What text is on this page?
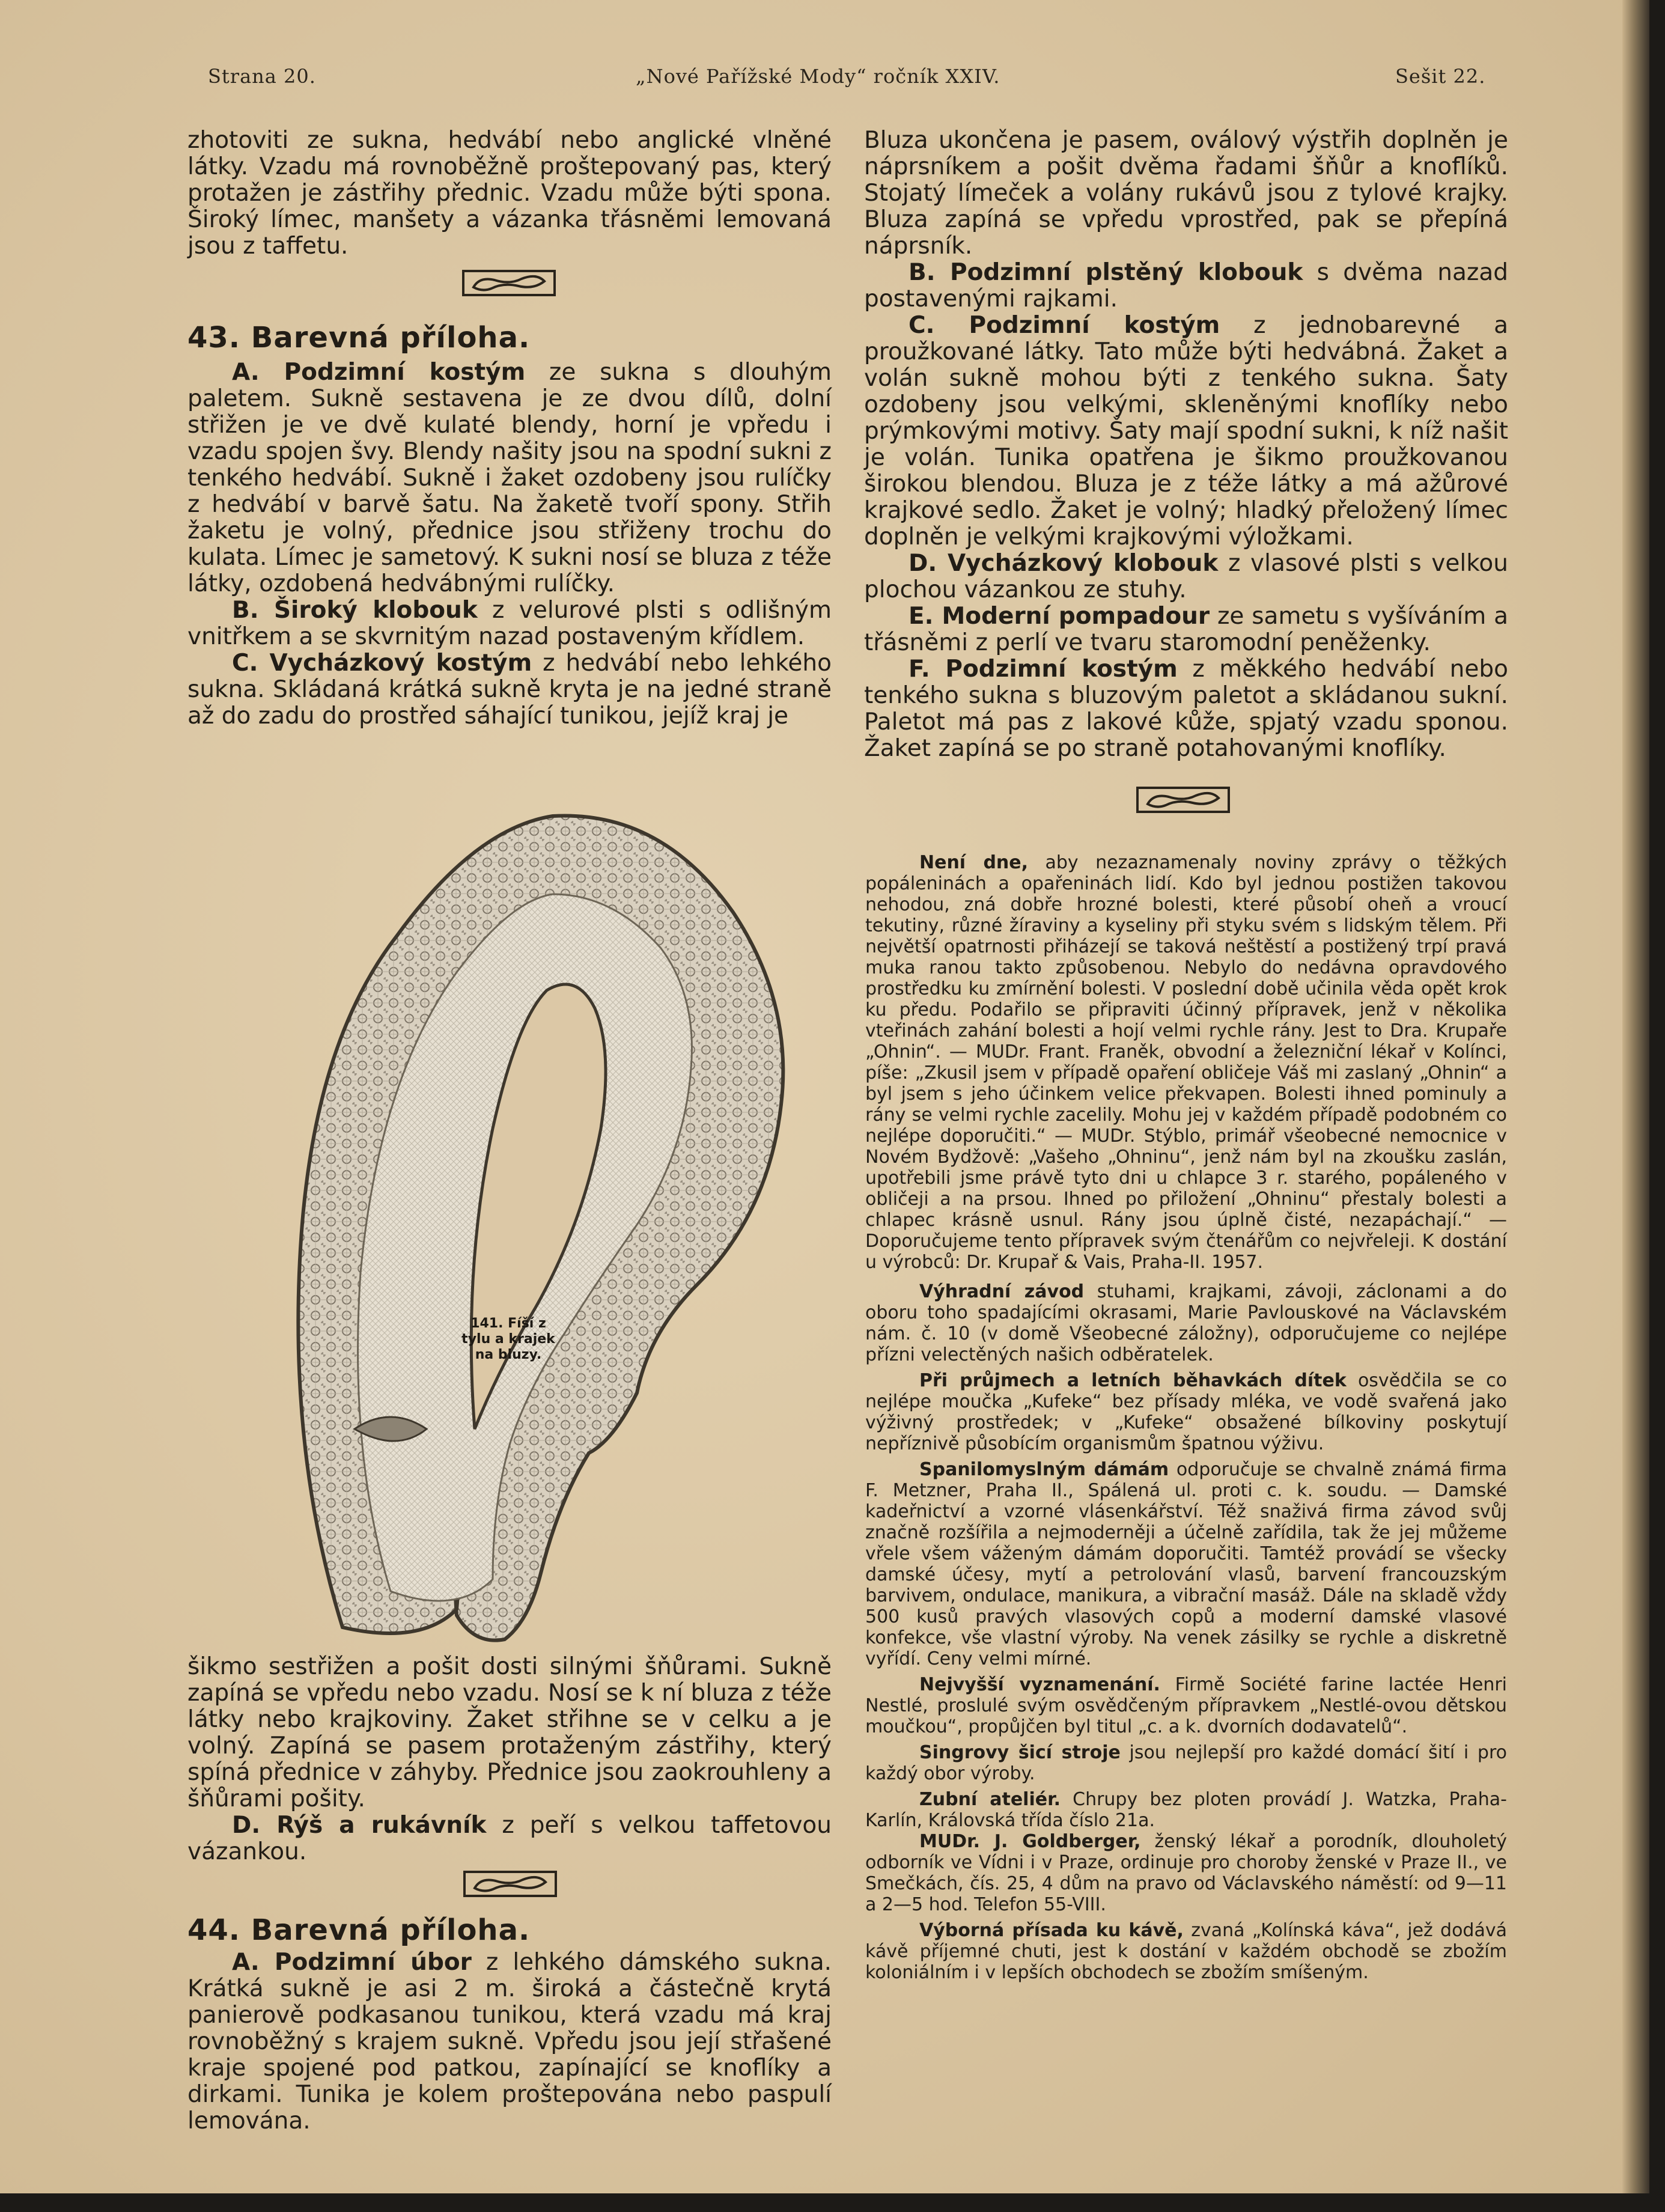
Strana 20.	„Nové Pařížské Mody“ ročník XXIV.	Sešit 22.

zhotoviti ze sukna, hedvábí nebo anglické vlněné látky. Vzadu má rovnoběžně proštepovaný pas, který protažen je zástřihy přednic. Vzadu může býti spona. Široký límec, manšety a vázanka třásněmi lemovaná jsou z taffetu.

43. Barevná příloha.

A. Podzimní kostým ze sukna s dlouhým paletem. Sukně sestavena je ze dvou dílů, dolní střižen je ve dvě kulaté blendy, horní je vpředu i vzadu spojen švy. Blendy našity jsou na spodní sukni z tenkého hedvábí. Sukně i žaket ozdobeny jsou rulíčky z hedvábí v barvě šatu. Na žaketě tvoří spony. Střih žaketu je volný, přednice jsou střiženy trochu do kulata. Límec je sametový. K sukni nosí se bluza z téže látky, ozdobená hedvábnými rulíčky.

B. Široký klobouk z velurové plsti s odlišným vnitřkem a se skvrnitým nazad postaveným křídlem.

C. Vycházkový kostým z hedvábí nebo lehkého sukna. Skládaná krátká sukně kryta je na jedné straně až do zadu do prostřed sáhající tunikou, jejíž kraj je

141. Fíší z tylu a krajek na bluzy.

šikmo sestřižen a pošit dosti silnými šňůrami. Sukně zapíná se vpředu nebo vzadu. Nosí se k ní bluza z téže látky nebo krajkoviny. Žaket střihne se v celku a je volný. Zapíná se pasem protaženým zástřihy, který spíná přednice v záhyby. Přednice jsou zaokrouhleny a šňůrami pošity.

D. Rýš a rukávník z peří s velkou taffetovou vázankou.

44. Barevná příloha.

A. Podzimní úbor z lehkého dámského sukna. Krátká sukně je asi 2 m. široká a částečně krytá panierově podkasanou tunikou, která vzadu má kraj rovnoběžný s krajem sukně. Vpředu jsou její střašené kraje spojené pod patkou, zapínající se knoflíky a dirkami. Tunika je kolem proštepována nebo paspulí lemována.

Bluza ukončena je pasem, oválový výstřih doplněn je náprsníkem a pošit dvěma řadami šňůr a knoflíků. Stojatý límeček a volány rukávů jsou z tylové krajky. Bluza zapíná se vpředu vprostřed, pak se přepíná náprsník.

B. Podzimní plstěný klobouk s dvěma nazad postavenými rajkami.

C. Podzimní kostým z jednobarevné a proužkované látky. Tato může býti hedvábná. Žaket a volán sukně mohou býti z tenkého sukna. Šaty ozdobeny jsou velkými, skleněnými knoflíky nebo prýmkovými motivy. Šaty mají spodní sukni, k níž našit je volán. Tunika opatřena je šikmo proužkovanou širokou blendou. Bluza je z téže látky a má ažůrové krajkové sedlo. Žaket je volný; hladký přeložený límec doplněn je velkými krajkovými výložkami.

D. Vycházkový klobouk z vlasové plsti s velkou plochou vázankou ze stuhy.

E. Moderní pompadour ze sametu s vyšíváním a třásněmi z perlí ve tvaru staromodní peněženky.

F. Podzimní kostým z měkkého hedvábí nebo tenkého sukna s bluzovým paletot a skládanou sukní. Paletot má pas z lakové kůže, spjatý vzadu sponou. Žaket zapíná se po straně potahovanými knoflíky.

Není dne, aby nezaznamenaly noviny zprávy o těžkých popáleninách a opařeninách lidí. Kdo byl jednou postižen takovou nehodou, zná dobře hrozné bolesti, které působí oheň a vroucí tekutiny, různé žíraviny a kyseliny při styku svém s lidským tělem. Při největší opatrnosti přiházejí se taková neštěstí a postižený trpí pravá muka ranou takto způsobenou. Nebylo do nedávna opravdového prostředku ku zmírnění bolesti. V poslední době učinila věda opět krok ku předu. Podařilo se připraviti účinný přípravek, jenž v několika vteřinách zahání bolesti a hojí velmi rychle rány. Jest to Dra. Krupaře „Ohnin“. — MUDr. Frant. Franěk, obvodní a železniční lékař v Kolínci, píše: „Zkusil jsem v případě opaření obličeje Váš mi zaslaný „Ohnin“ a byl jsem s jeho účinkem velice překvapen. Bolesti ihned pominuly a rány se velmi rychle zacelily. Mohu jej v každém případě podobném co nejlépe doporučiti.“ — MUDr. Stýblo, primář všeobecné nemocnice v Novém Bydžově: „Vašeho „Ohninu“, jenž nám byl na zkoušku zaslán, upotřebili jsme právě tyto dni u chlapce 3 r. starého, popáleného v obličeji a na prsou. Ihned po přiložení „Ohninu“ přestaly bolesti a chlapec krásně usnul. Rány jsou úplně čisté, nezapáchají.“ — Doporučujeme tento přípravek svým čtenářům co nejvřeleji. K dostání u výrobců: Dr. Krupař & Vais, Praha-II. 1957.

Výhradní závod stuhami, krajkami, závoji, záclonami a do oboru toho spadajícími okrasami, Marie Pavlouskové na Václavském nám. č. 10 (v domě Všeobecné záložny), odporučujeme co nejlépe přízni velectěných našich odběratelek.

Při průjmech a letních běhavkách dítek osvědčila se co nejlépe moučka „Kufeke“ bez přísady mléka, ve vodě svařená jako výživný prostředek; v „Kufeke“ obsažené bílkoviny poskytují nepříznivě působícím organismům špatnou výživu.

Spanilomyslným dámám odporučuje se chvalně známá firma F. Metzner, Praha II., Spálená ul. proti c. k. soudu. — Damské kadeřnictví a vzorné vlásenkářství. Též snaživá firma závod svůj značně rozšířila a nejmoderněji a účelně zařídila, tak že jej můžeme vřele všem váženým dámám doporučiti. Tamtéž provádí se všecky damské účesy, mytí a petrolování vlasů, barvení francouzským barvivem, ondulace, manikura, a vibrační masáž. Dále na skladě vždy 500 kusů pravých vlasových copů a moderní damské vlasové konfekce, vše vlastní výroby. Na venek zásilky se rychle a diskretně vyřídí. Ceny velmi mírné.

Nejvyšší vyznamenání. Firmě Société farine lactée Henri Nestlé, proslulé svým osvědčeným přípravkem „Nestlé-ovou dětskou moučkou“, propůjčen byl titul „c. a k. dvorních dodavatelů“.

Singrovy šicí stroje jsou nejlepší pro každé domácí šití i pro každý obor výroby.

Zubní ateliér. Chrupy bez ploten provádí J. Watzka, Praha-Karlín, Královská třída číslo 21a.

MUDr. J. Goldberger, ženský lékař a porodník, dlouholetý odborník ve Vídni i v Praze, ordinuje pro choroby ženské v Praze II., ve Smečkách, čís. 25, 4 dům na pravo od Václavského náměstí: od 9—11 a 2—5 hod. Telefon 55-VIII.

Výborná přísada ku kávě, zvaná „Kolínská káva“, jež dodává kávě příjemné chuti, jest k dostání v každém obchodě se zbožím koloniálním i v lepších obchodech se zbožím smíšeným.
